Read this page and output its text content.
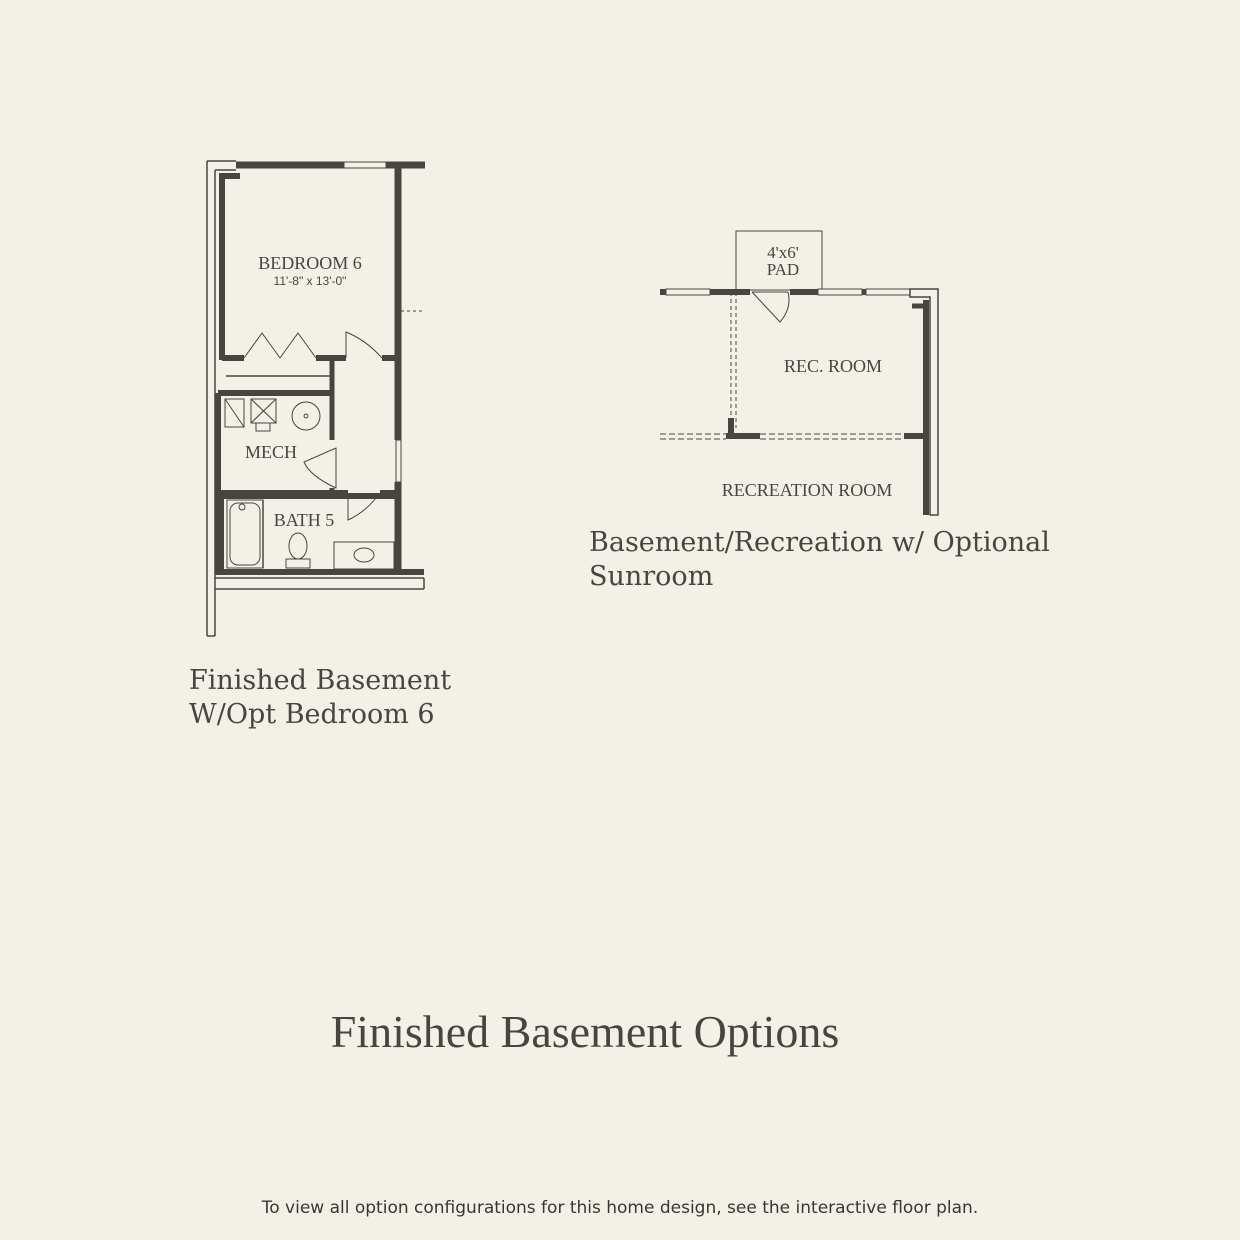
BEDROOM 6
11'-8" x 13'-0"
MECH
BATH 5
4'x6'
PAD
REC. ROOM
RECREATION ROOM
Finished Basement
W/Opt Bedroom 6
Basement/Recreation w/ Optional
Sunroom
Finished Basement Options
To view all option configurations for this home design, see the interactive floor plan.
